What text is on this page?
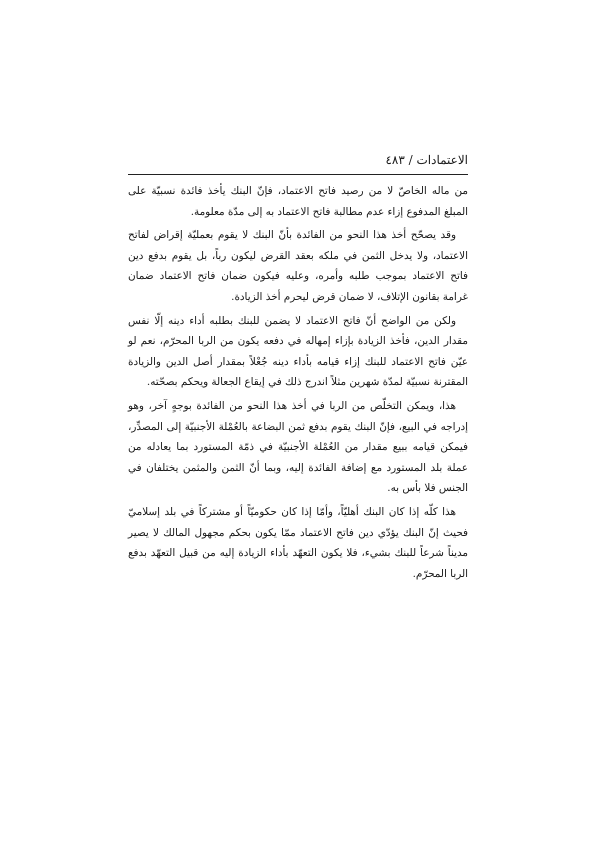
الاعتمادات / ٤٨٣

من ماله الخاصّ لا من رصيد فاتح الاعتماد، فإنّ البنك يأخذ فائدة نسبيّة على المبلغ المدفوع إزاء عدم مطالبة فاتح الاعتماد به إلى مدّة معلومة.

وقد يصحّح أخذ هذا النحو من الفائدة بأنّ البنك لا يقوم بعمليّة إقراض لفاتح الاعتماد، ولا يدخل الثمن في ملكه بعقد القرض ليكون رباً، بل يقوم بدفع دين فاتح الاعتماد بموجب طلبه وأمره، وعليه فيكون ضمان فاتح الاعتماد ضمان غرامة بقانون الإتلاف، لا ضمان قرض ليحرم أخذ الزيادة.

ولكن من الواضح أنّ فاتح الاعتماد لا يضمن للبنك بطلبه أداء دينه إلّا نفس مقدار الدين، فأخذ الزيادة بإزاء إمهاله في دفعه يكون من الربا المحرّم، نعم لو عيّن فاتح الاعتماد للبنك إزاء قيامه بأداء دينه جُعْلاً بمقدار أصل الدين والزيادة المقترنة نسبيّة لمدّة شهرين مثلاً اندرج ذلك في إيقاع الجعالة ويحكم بصحّته.

هذا، ويمكن التخلّص من الربا في أخذ هذا النحو من الفائدة بوجهٍ آخر، وهو إدراجه في البيع، فإنّ البنك يقوم بدفع ثمن البضاعة بالعُمْلة الأجنبيّة إلى المصدِّر، فيمكن قيامه ببيع مقدار من العُمْلة الأجنبيّة في ذمّة المستورد بما يعادله من عملة بلد المستورد مع إضافة الفائدة إليه، وبما أنّ الثمن والمثمن يختلفان في الجنس فلا بأس به.

هذا كلّه إذا كان البنك أهليّاً، وأمّا إذا كان حكوميّاً أو مشتركاً في بلد إسلاميّ فحيث إنّ البنك يؤدّي دين فاتح الاعتماد ممّا يكون بحكم مجهول المالك لا يصير مديناً شرعاً للبنك بشيء، فلا يكون التعهّد بأداء الزيادة إليه من قبيل التعهّد بدفع الربا المحرّم.
